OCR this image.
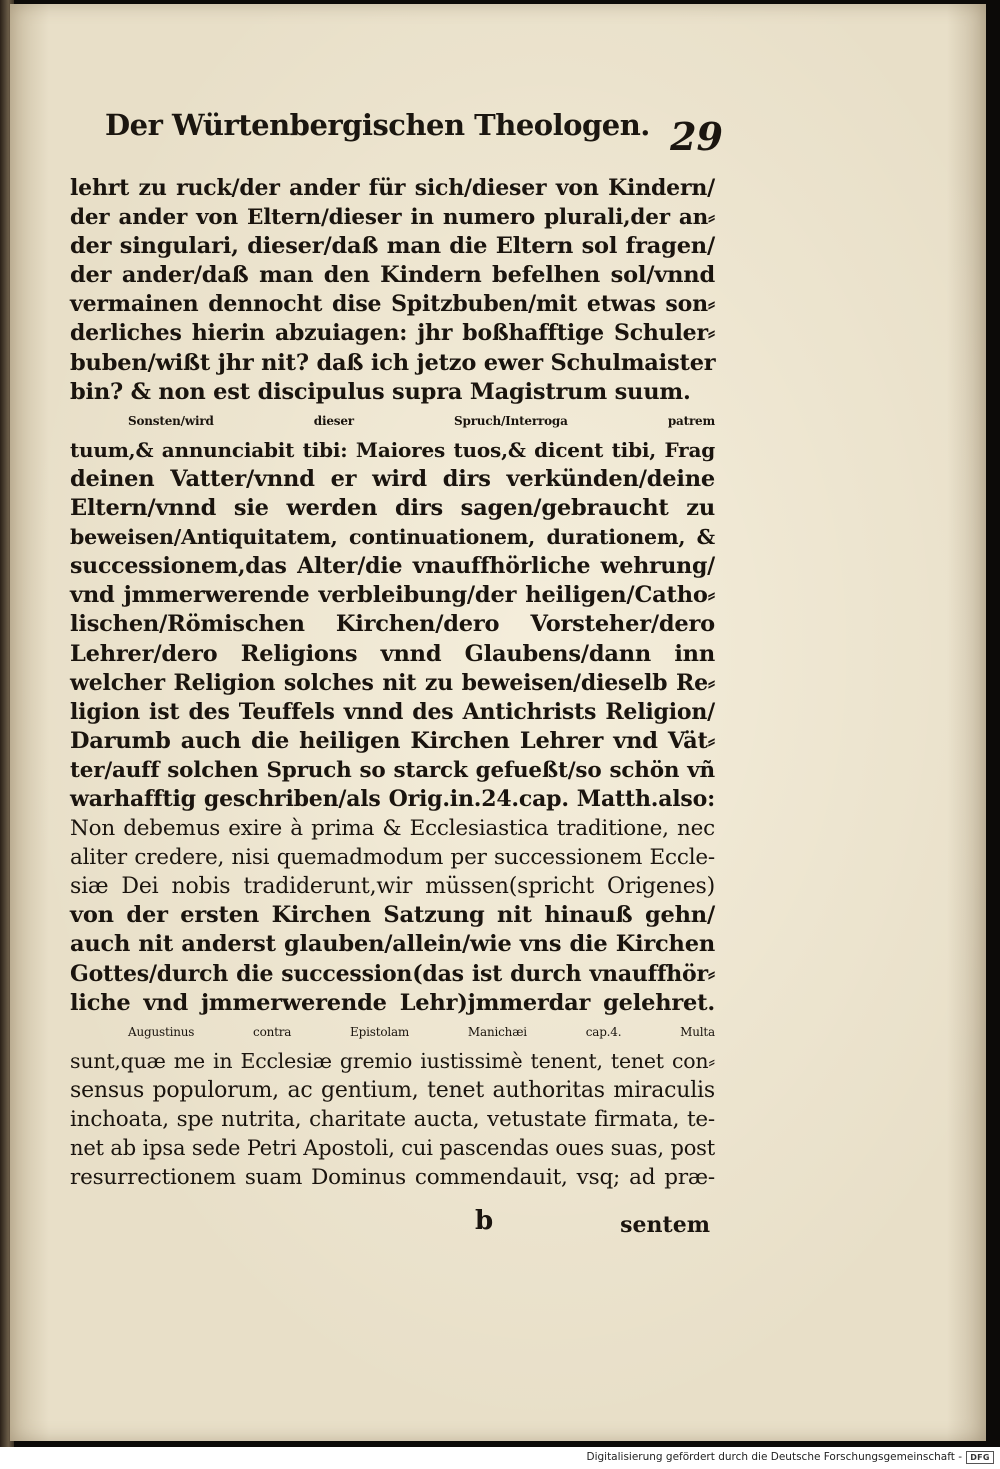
Der Würtenbergischen Theologen. 29
lehrt zu ruck/der ander für sich/dieser von Kindern/
der ander von Eltern/dieser in numero plurali,der an⸗
der singulari, dieser/daß man die Eltern sol fragen/
der ander/daß man den Kindern befelhen sol/vnnd
vermainen dennocht dise Spitzbuben/mit etwas son⸗
derliches hierin abzuiagen: jhr boßhafftige Schuler⸗
buben/wißt jhr nit? daß ich jetzo ewer Schulmaister
bin? & non est discipulus supra Magistrum suum.
Sonsten/wird dieser Spruch/Interroga patrem
tuum,& annunciabit tibi: Maiores tuos,& dicent tibi, Frag
deinen Vatter/vnnd er wird dirs verkünden/deine
Eltern/vnnd sie werden dirs sagen/gebraucht zu
beweisen/Antiquitatem, continuationem, durationem, &
successionem,das Alter/die vnauffhörliche wehrung/
vnd jmmerwerende verbleibung/der heiligen/Catho⸗
lischen/Römischen Kirchen/dero Vorsteher/dero
Lehrer/dero Religions vnnd Glaubens/dann inn
welcher Religion solches nit zu beweisen/dieselb Re⸗
ligion ist des Teuffels vnnd des Antichrists Religion/
Darumb auch die heiligen Kirchen Lehrer vnd Vät⸗
ter/auff solchen Spruch so starck gefueßt/so schön vñ
warhafftig geschriben/als Orig.in.24.cap. Matth.also:
Non debemus exire à prima & Ecclesiastica traditione, nec
aliter credere, nisi quemadmodum per successionem Eccle-
siæ Dei nobis tradiderunt,wir müssen(spricht Origenes)
von der ersten Kirchen Satzung nit hinauß gehn/
auch nit anderst glauben/allein/wie vns die Kirchen
Gottes/durch die succession(das ist durch vnauffhör⸗
liche vnd jmmerwerende Lehr)jmmerdar gelehret.
Augustinus contra Epistolam Manichæi cap.4. Multa
sunt,quæ me in Ecclesiæ gremio iustissimè tenent, tenet con⸗
sensus populorum, ac gentium, tenet authoritas miraculis
inchoata, spe nutrita, charitate aucta, vetustate firmata, te-
net ab ipsa sede Petri Apostoli, cui pascendas oues suas, post
resurrectionem suam Dominus commendauit, vsq; ad præ-
b	sentem
Digitalisierung gefördert durch die Deutsche Forschungsgemeinschaft -	DFG
